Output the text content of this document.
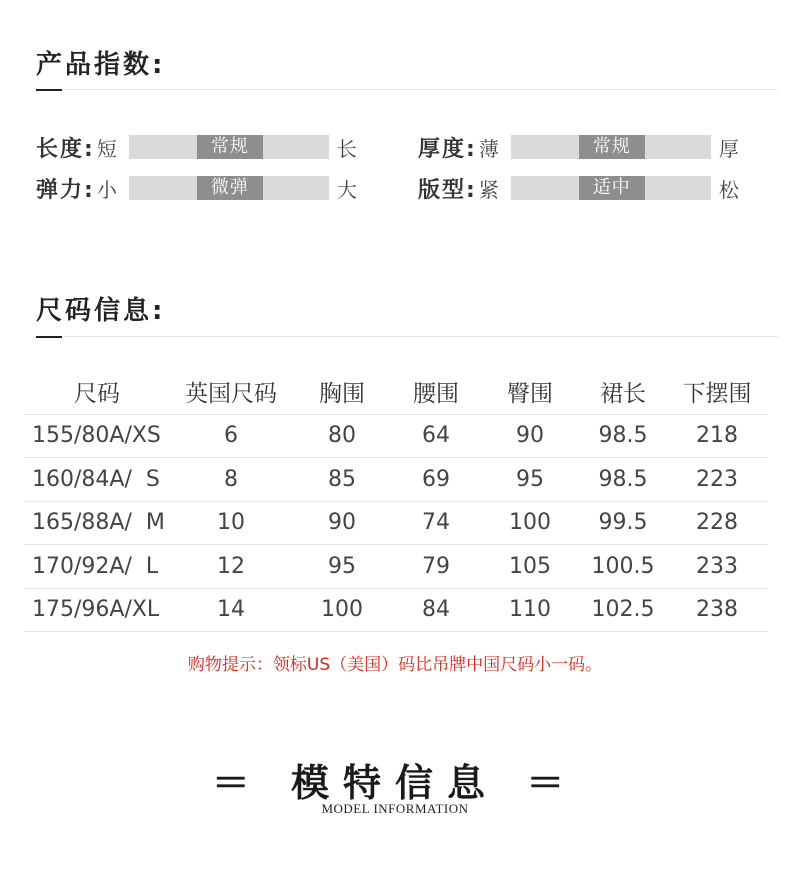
产品指数:
长度: 短	常规	长	厚度: 薄	常规	厚
弹力: 小	微弹	大	版型: 紧	适中	松
尺码信息:
尺码	英国尺码	胸围	腰围	臀围	裙长	下摆围
155/80A/XS	6	80	64	90	98.5	218
160/84A/  S	8	85	69	95	98.5	223
165/88A/  M	10	90	74	100	99.5	228
170/92A/  L	12	95	79	105	100.5	233
175/96A/XL	14	100	84	110	102.5	238
购物提示：领标US（美国）码比吊牌中国尺码小一码。
＝ 模特信息 ＝
MODEL INFORMATION
